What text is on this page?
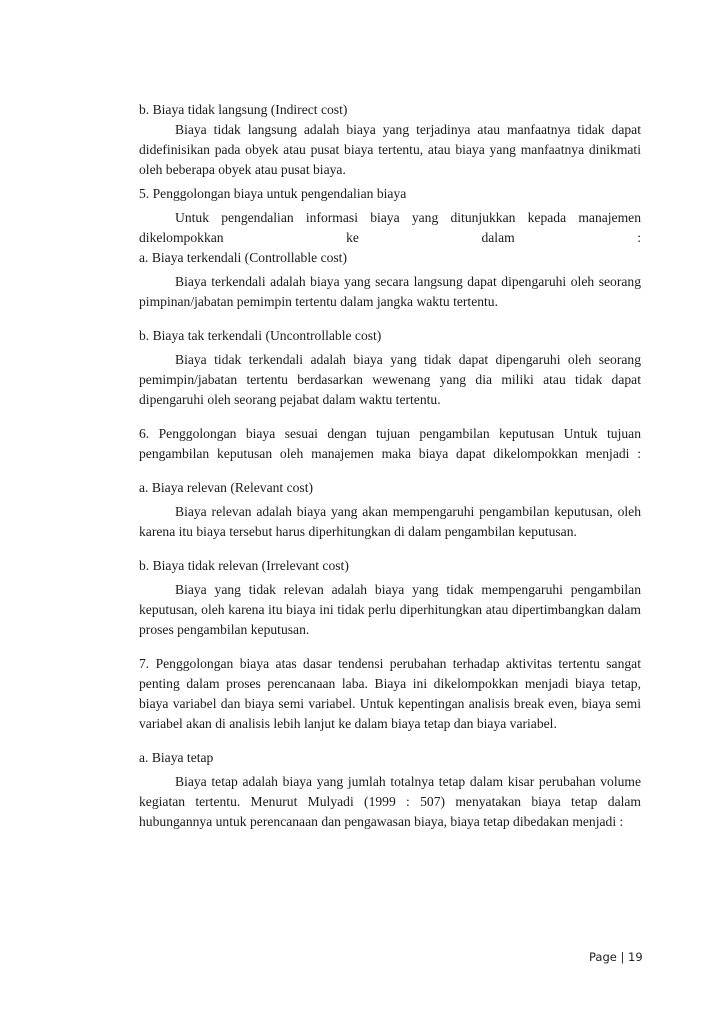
b. Biaya tidak langsung (Indirect cost)

Biaya tidak langsung adalah biaya yang terjadinya atau manfaatnya tidak dapat didefinisikan pada obyek atau pusat biaya tertentu, atau biaya yang manfaatnya dinikmati oleh beberapa obyek atau pusat biaya.

5. Penggolongan biaya untuk pengendalian biaya

Untuk pengendalian informasi biaya yang ditunjukkan kepada manajemen dikelompokkan ke dalam :

a. Biaya terkendali (Controllable cost)

Biaya terkendali adalah biaya yang secara langsung dapat dipengaruhi oleh seorang pimpinan/jabatan pemimpin tertentu dalam jangka waktu tertentu.

b. Biaya tak terkendali (Uncontrollable cost)

Biaya tidak terkendali adalah biaya yang tidak dapat dipengaruhi oleh seorang pemimpin/jabatan tertentu berdasarkan wewenang yang dia miliki atau tidak dapat dipengaruhi oleh seorang pejabat dalam waktu tertentu.

6. Penggolongan biaya sesuai dengan tujuan pengambilan keputusan Untuk tujuan pengambilan keputusan oleh manajemen maka biaya dapat dikelompokkan menjadi :

a. Biaya relevan (Relevant cost)

Biaya relevan adalah biaya yang akan mempengaruhi pengambilan keputusan, oleh karena itu biaya tersebut harus diperhitungkan di dalam pengambilan keputusan.

b. Biaya tidak relevan (Irrelevant cost)

Biaya yang tidak relevan adalah biaya yang tidak mempengaruhi pengambilan keputusan, oleh karena itu biaya ini tidak perlu diperhitungkan atau dipertimbangkan dalam proses pengambilan keputusan.

7. Penggolongan biaya atas dasar tendensi perubahan terhadap aktivitas tertentu sangat penting dalam proses perencanaan laba. Biaya ini dikelompokkan menjadi biaya tetap, biaya variabel dan biaya semi variabel. Untuk kepentingan analisis break even, biaya semi variabel akan di analisis lebih lanjut ke dalam biaya tetap dan biaya variabel.

a. Biaya tetap

Biaya tetap adalah biaya yang jumlah totalnya tetap dalam kisar perubahan volume kegiatan tertentu. Menurut Mulyadi (1999 : 507) menyatakan biaya tetap dalam hubungannya untuk perencanaan dan pengawasan biaya, biaya tetap dibedakan menjadi :

Page | 19
